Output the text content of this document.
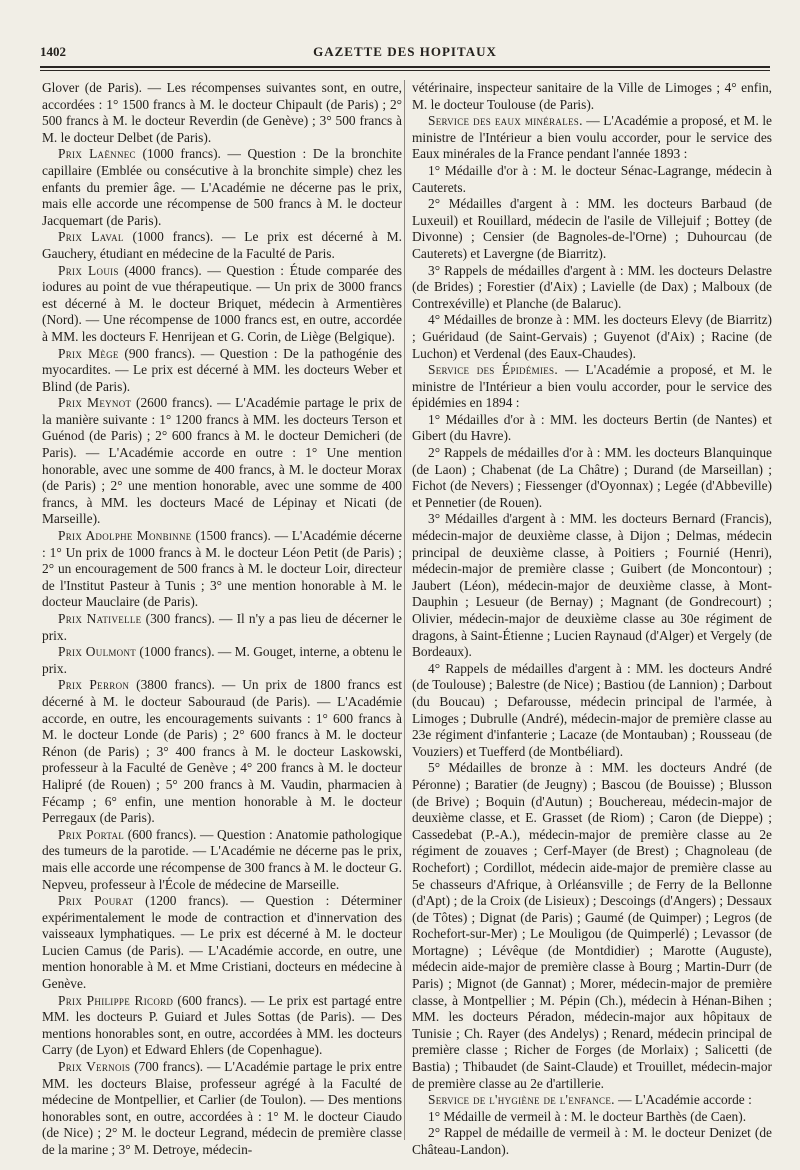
1402	GAZETTE DES HOPITAUX

Glover (de Paris). — Les récompenses suivantes sont, en outre, accordées : 1° 1500 francs à M. le docteur Chipault (de Paris) ; 2° 500 francs à M. le docteur Reverdin (de Genève) ; 3° 500 francs à M. le docteur Delbet (de Paris).

Prix Laënnec (1000 francs). — Question : De la bronchite capillaire (Emblée ou consécutive à la bronchite simple) chez les enfants du premier âge. — L'Académie ne décerne pas le prix, mais elle accorde une récompense de 500 francs à M. le docteur Jacquemart (de Paris).

Prix Laval (1000 francs). — Le prix est décerné à M. Gauchery, étudiant en médecine de la Faculté de Paris.

Prix Louis (4000 francs). — Question : Étude comparée des iodures au point de vue thérapeutique. — Un prix de 3000 francs est décerné à M. le docteur Briquet, médecin à Armentières (Nord). — Une récompense de 1000 francs est, en outre, accordée à MM. les docteurs F. Henrijean et G. Corin, de Liège (Belgique).

Prix Mège (900 francs). — Question : De la pathogénie des myocardites. — Le prix est décerné à MM. les docteurs Weber et Blind (de Paris).

Prix Meynot (2600 francs). — L'Académie partage le prix de la manière suivante : 1° 1200 francs à MM. les docteurs Terson et Guénod (de Paris) ; 2° 600 francs à M. le docteur Demicheri (de Paris). — L'Académie accorde en outre : 1° Une mention honorable, avec une somme de 400 francs, à M. le docteur Morax (de Paris) ; 2° une mention honorable, avec une somme de 400 francs, à MM. les docteurs Macé de Lépinay et Nicati (de Marseille).

Prix Adolphe Monbinne (1500 francs). — L'Académie décerne : 1° Un prix de 1000 francs à M. le docteur Léon Petit (de Paris) ; 2° un encouragement de 500 francs à M. le docteur Loir, directeur de l'Institut Pasteur à Tunis ; 3° une mention honorable à M. le docteur Mauclaire (de Paris).

Prix Nativelle (300 francs). — Il n'y a pas lieu de décerner le prix.

Prix Oulmont (1000 francs). — M. Gouget, interne, a obtenu le prix.

Prix Perron (3800 francs). — Un prix de 1800 francs est décerné à M. le docteur Sabouraud (de Paris). — L'Académie accorde, en outre, les encouragements suivants : 1° 600 francs à M. le docteur Londe (de Paris) ; 2° 600 francs à M. le docteur Rénon (de Paris) ; 3° 400 francs à M. le docteur Laskowski, professeur à la Faculté de Genève ; 4° 200 francs à M. le docteur Halipré (de Rouen) ; 5° 200 francs à M. Vaudin, pharmacien à Fécamp ; 6° enfin, une mention honorable à M. le docteur Perregaux (de Paris).

Prix Portal (600 francs). — Question : Anatomie pathologique des tumeurs de la parotide. — L'Académie ne décerne pas le prix, mais elle accorde une récompense de 300 francs à M. le docteur G. Nepveu, professeur à l'École de médecine de Marseille.

Prix Pourat (1200 francs). — Question : Déterminer expérimentalement le mode de contraction et d'innervation des vaisseaux lymphatiques. — Le prix est décerné à M. le docteur Lucien Camus (de Paris). — L'Académie accorde, en outre, une mention honorable à M. et Mme Cristiani, docteurs en médecine à Genève.

Prix Philippe Ricord (600 francs). — Le prix est partagé entre MM. les docteurs P. Guiard et Jules Sottas (de Paris). — Des mentions honorables sont, en outre, accordées à MM. les docteurs Carry (de Lyon) et Edward Ehlers (de Copenhague).

Prix Vernois (700 francs). — L'Académie partage le prix entre MM. les docteurs Blaise, professeur agrégé à la Faculté de médecine de Montpellier, et Carlier (de Toulon). — Des mentions honorables sont, en outre, accordées à : 1° M. le docteur Ciaudo (de Nice) ; 2° M. le docteur Legrand, médecin de première classe de la marine ; 3° M. Detroye, médecin-

vétérinaire, inspecteur sanitaire de la Ville de Limoges ; 4° enfin, M. le docteur Toulouse (de Paris).

Service des eaux minérales. — L'Académie a proposé, et M. le ministre de l'Intérieur a bien voulu accorder, pour le service des Eaux minérales de la France pendant l'année 1893 :

1° Médaille d'or à : M. le docteur Sénac-Lagrange, médecin à Cauterets.

2° Médailles d'argent à : MM. les docteurs Barbaud (de Luxeuil) et Rouillard, médecin de l'asile de Villejuif ; Bottey (de Divonne) ; Censier (de Bagnoles-de-l'Orne) ; Duhourcau (de Cauterets) et Lavergne (de Biarritz).

3° Rappels de médailles d'argent à : MM. les docteurs Delastre (de Brides) ; Forestier (d'Aix) ; Lavielle (de Dax) ; Malboux (de Contrexéville) et Planche (de Balaruc).

4° Médailles de bronze à : MM. les docteurs Elevy (de Biarritz) ; Guéridaud (de Saint-Gervais) ; Guyenot (d'Aix) ; Racine (de Luchon) et Verdenal (des Eaux-Chaudes).

Service des Épidémies. — L'Académie a proposé, et M. le ministre de l'Intérieur a bien voulu accorder, pour le service des épidémies en 1894 :

1° Médailles d'or à : MM. les docteurs Bertin (de Nantes) et Gibert (du Havre).

2° Rappels de médailles d'or à : MM. les docteurs Blanquinque (de Laon) ; Chabenat (de La Châtre) ; Durand (de Marseillan) ; Fichot (de Nevers) ; Fiessenger (d'Oyonnax) ; Legée (d'Abbeville) et Pennetier (de Rouen).

3° Médailles d'argent à : MM. les docteurs Bernard (Francis), médecin-major de deuxième classe, à Dijon ; Delmas, médecin principal de deuxième classe, à Poitiers ; Fournié (Henri), médecin-major de première classe ; Guibert (de Moncontour) ; Jaubert (Léon), médecin-major de deuxième classe, à Mont-Dauphin ; Lesueur (de Bernay) ; Magnant (de Gondrecourt) ; Olivier, médecin-major de deuxième classe au 30e régiment de dragons, à Saint-Étienne ; Lucien Raynaud (d'Alger) et Vergely (de Bordeaux).

4° Rappels de médailles d'argent à : MM. les docteurs André (de Toulouse) ; Balestre (de Nice) ; Bastiou (de Lannion) ; Darbout (du Boucau) ; Defarousse, médecin principal de l'armée, à Limoges ; Dubrulle (André), médecin-major de première classe au 23e régiment d'infanterie ; Lacaze (de Montauban) ; Rousseau (de Vouziers) et Tuefferd (de Montbéliard).

5° Médailles de bronze à : MM. les docteurs André (de Péronne) ; Baratier (de Jeugny) ; Bascou (de Bouisse) ; Blusson (de Brive) ; Boquin (d'Autun) ; Bouchereau, médecin-major de deuxième classe, et E. Grasset (de Riom) ; Caron (de Dieppe) ; Cassedebat (P.-A.), médecin-major de première classe au 2e régiment de zouaves ; Cerf-Mayer (de Brest) ; Chagnoleau (de Rochefort) ; Cordillot, médecin aide-major de première classe au 5e chasseurs d'Afrique, à Orléansville ; de Ferry de la Bellonne (d'Apt) ; de la Croix (de Lisieux) ; Descoings (d'Angers) ; Dessaux (de Tôtes) ; Dignat (de Paris) ; Gaumé (de Quimper) ; Legros (de Rochefort-sur-Mer) ; Le Mouligou (de Quimperlé) ; Levassor (de Mortagne) ; Lévêque (de Montdidier) ; Marotte (Auguste), médecin aide-major de première classe à Bourg ; Martin-Durr (de Paris) ; Mignot (de Gannat) ; Morer, médecin-major de première classe, à Montpellier ; M. Pépin (Ch.), médecin à Hénan-Bihen ; MM. les docteurs Péradon, médecin-major aux hôpitaux de Tunisie ; Ch. Rayer (des Andelys) ; Renard, médecin principal de première classe ; Richer de Forges (de Morlaix) ; Salicetti (de Bastia) ; Thibaudet (de Saint-Claude) et Trouillet, médecin-major de première classe au 2e d'artillerie.

Service de l'hygiène de l'enfance. — L'Académie accorde :

1° Médaille de vermeil à : M. le docteur Barthès (de Caen).

2° Rappel de médaille de vermeil à : M. le docteur Denizet (de Château-Landon).
